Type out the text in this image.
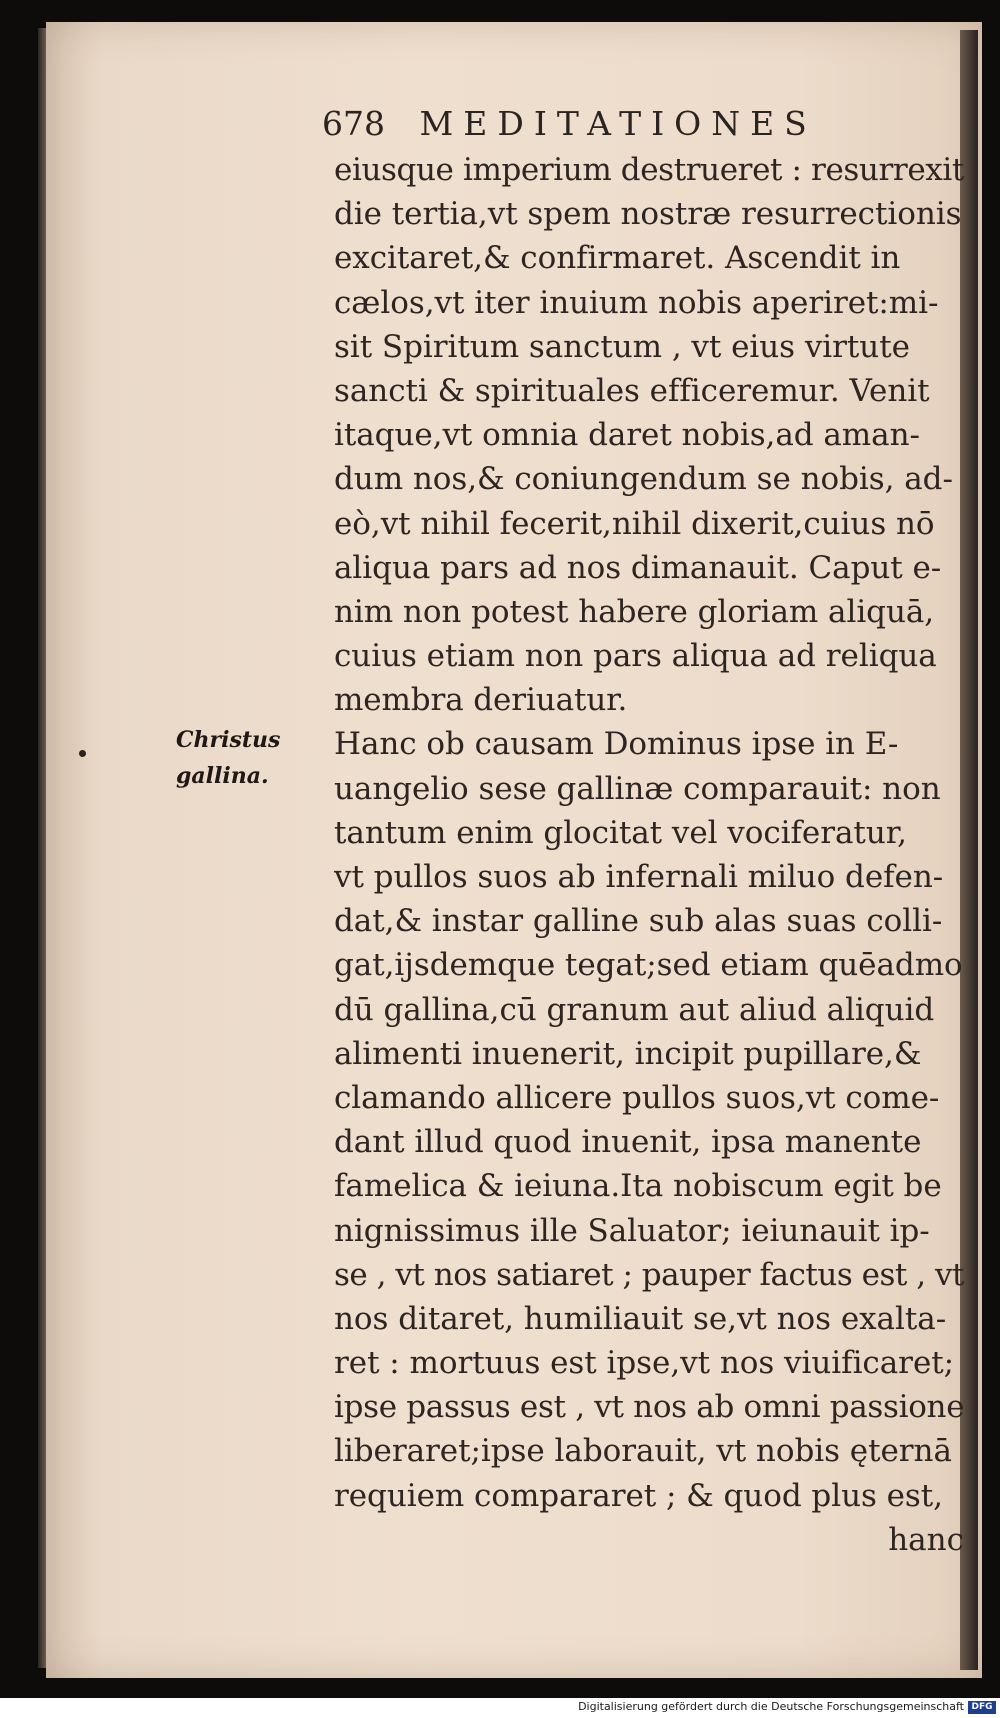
678 MEDITATIONES
Christus
gallina.
eiusque imperium destrueret : resurrexit
die tertia,vt spem nostræ resurrectionis
excitaret,& confirmaret. Ascendit in
cælos,vt iter inuium nobis aperiret:mi-
sit Spiritum sanctum , vt eius virtute
sancti & spirituales efficeremur. Venit
itaque,vt omnia daret nobis,ad aman-
dum nos,& coniungendum se nobis, ad-
eò,vt nihil fecerit,nihil dixerit,cuius nō
aliqua pars ad nos dimanauit. Caput e-
nim non potest habere gloriam aliquā,
cuius etiam non pars aliqua ad reliqua
membra deriuatur.
Hanc ob causam Dominus ipse in E-
uangelio sese gallinæ comparauit: non
tantum enim glocitat vel vociferatur,
vt pullos suos ab infernali miluo defen-
dat,& instar galline sub alas suas colli-
gat,ijsdemque tegat;sed etiam quēadmo
dū gallina,cū granum aut aliud aliquid
alimenti inuenerit, incipit pupillare,&
clamando allicere pullos suos,vt come-
dant illud quod inuenit, ipsa manente
famelica & ieiuna.Ita nobiscum egit be
nignissimus ille Saluator; ieiunauit ip-
se , vt nos satiaret ; pauper factus est , vt
nos ditaret, humiliauit se,vt nos exalta-
ret : mortuus est ipse,vt nos viuificaret;
ipse passus est , vt nos ab omni passione
liberaret;ipse laborauit, vt nobis ęternā
requiem compararet ; & quod plus est,
hanc
Digitalisierung gefördert durch die Deutsche Forschungsgemeinschaft DFG
